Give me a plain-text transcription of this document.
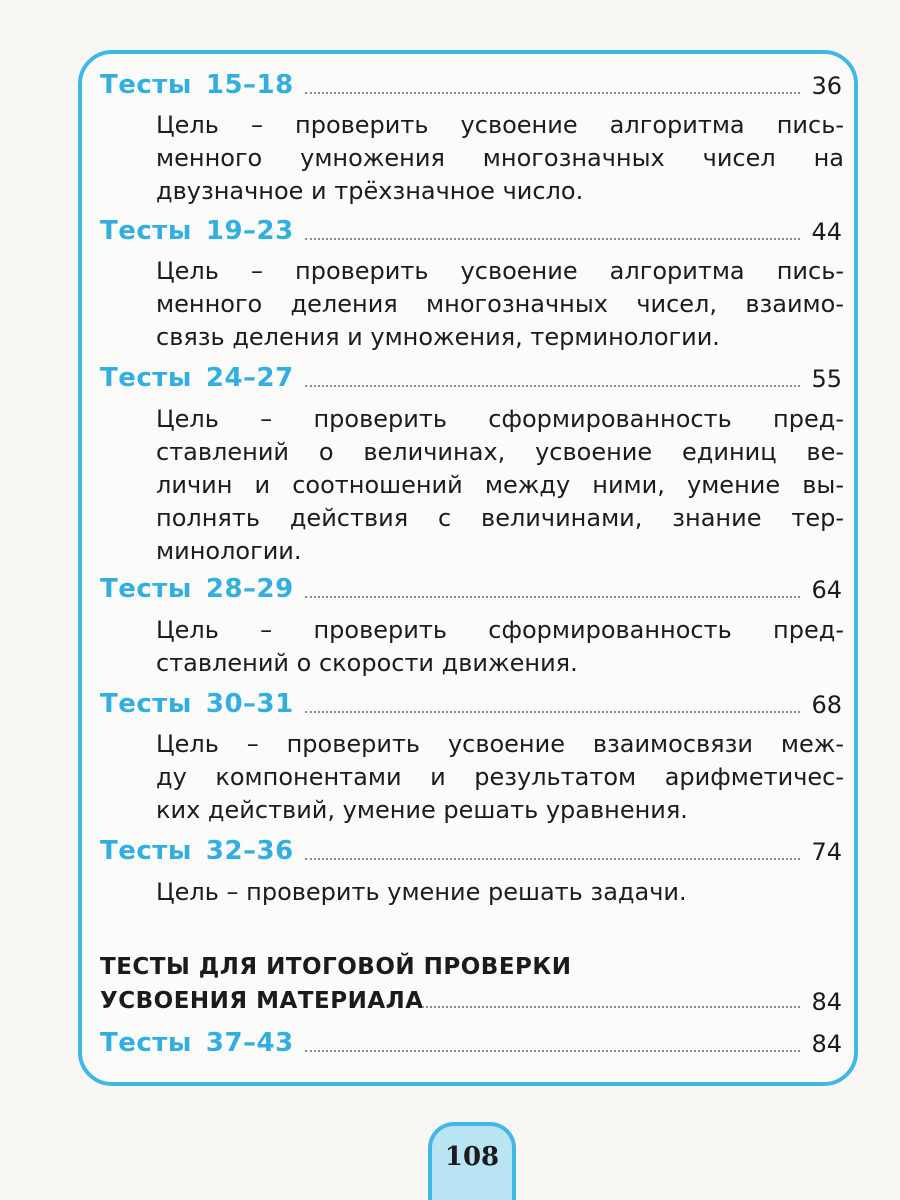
Тесты 15–18	36
Цель – проверить усвоение алгоритма пись-
менного умножения многозначных чисел на
двузначное и трёхзначное число.
Тесты 19–23	44
Цель – проверить усвоение алгоритма пись-
менного деления многозначных чисел, взаимо-
связь деления и умножения, терминологии.
Тесты 24–27	55
Цель – проверить сформированность пред-
ставлений о величинах, усвоение единиц ве-
личин и соотношений между ними, умение вы-
полнять действия с величинами, знание тер-
минологии.
Тесты 28–29	64
Цель – проверить сформированность пред-
ставлений о скорости движения.
Тесты 30–31	68
Цель – проверить усвоение взаимосвязи меж-
ду компонентами и результатом арифметичес-
ких действий, умение решать уравнения.
Тесты 32–36	74
Цель – проверить умение решать задачи.
ТЕСТЫ ДЛЯ ИТОГОВОЙ ПРОВЕРКИ
УСВОЕНИЯ МАТЕРИАЛА	84
Тесты 37–43	84
108
